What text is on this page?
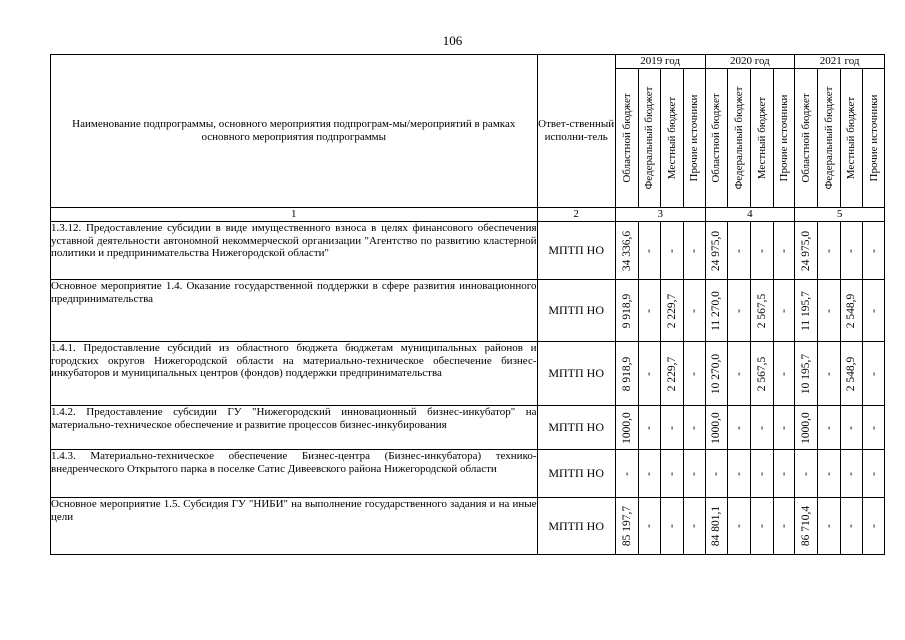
106
Наименование подпрограммы, основного мероприятия подпрограм-мы/мероприятий в рамках основного мероприятия подпрограммы	Ответ-ственный исполни-тель	2019 год				2020 год				2021 год			

		Областной бюджет	Федеральный бюджет	Местный бюджет	Прочие источники	Областной бюджет	Федеральный бюджет	Местный бюджет	Прочие источники	Областной бюджет	Федеральный бюджет	Местный бюджет	Прочие источники

1	2	3				4				5			
1.3.12. Предоставление субсидии в виде имущественного взноса в целях финансового обеспечения уставной деятельности автономной некоммерческой организации "Агентство по развитию кластерной политики и предпринимательства Нижегородской области"	МПТП НО	34 336,6	-	-	-	24 975,0	-	-	-	24 975,0	-	-	-

Основное мероприятие 1.4. Оказание государственной поддержки в сфере развития инновационного предпринимательства	МПТП НО	9 918,9	-	2 229,7	-	11 270,0	-	2 567,5	-	11 195,7	-	2 548,9	-

1.4.1. Предоставление субсидий из областного бюджета бюджетам муниципальных районов и городских округов Нижегородской области на материально-техническое обеспечение бизнес-инкубаторов и муниципальных центров (фондов) поддержки предпринимательства	МПТП НО	8 918,9	-	2 229,7	-	10 270,0	-	2 567,5	-	10 195,7	-	2 548,9	-

1.4.2. Предоставление субсидии ГУ "Нижегородский инновационный бизнес-инкубатор" на материально-техническое обеспечение и развитие процессов бизнес-инкубирования	МПТП НО	1000,0	-	-	-	1000,0	-	-	-	1000,0	-	-	-

1.4.3. Материально-техническое обеспечение Бизнес-центра (Бизнес-инкубатора) технико-внедренческого Открытого парка в поселке Сатис Дивеевского района Нижегородской области	МПТП НО	-	-	-	-	-	-	-	-	-	-	-	-

Основное мероприятие 1.5. Субсидия ГУ "НИБИ" на выполнение государственного задания и на иные цели	МПТП НО	85 197,7	-	-	-	84 801,1	-	-	-	86 710,4	-	-	-
